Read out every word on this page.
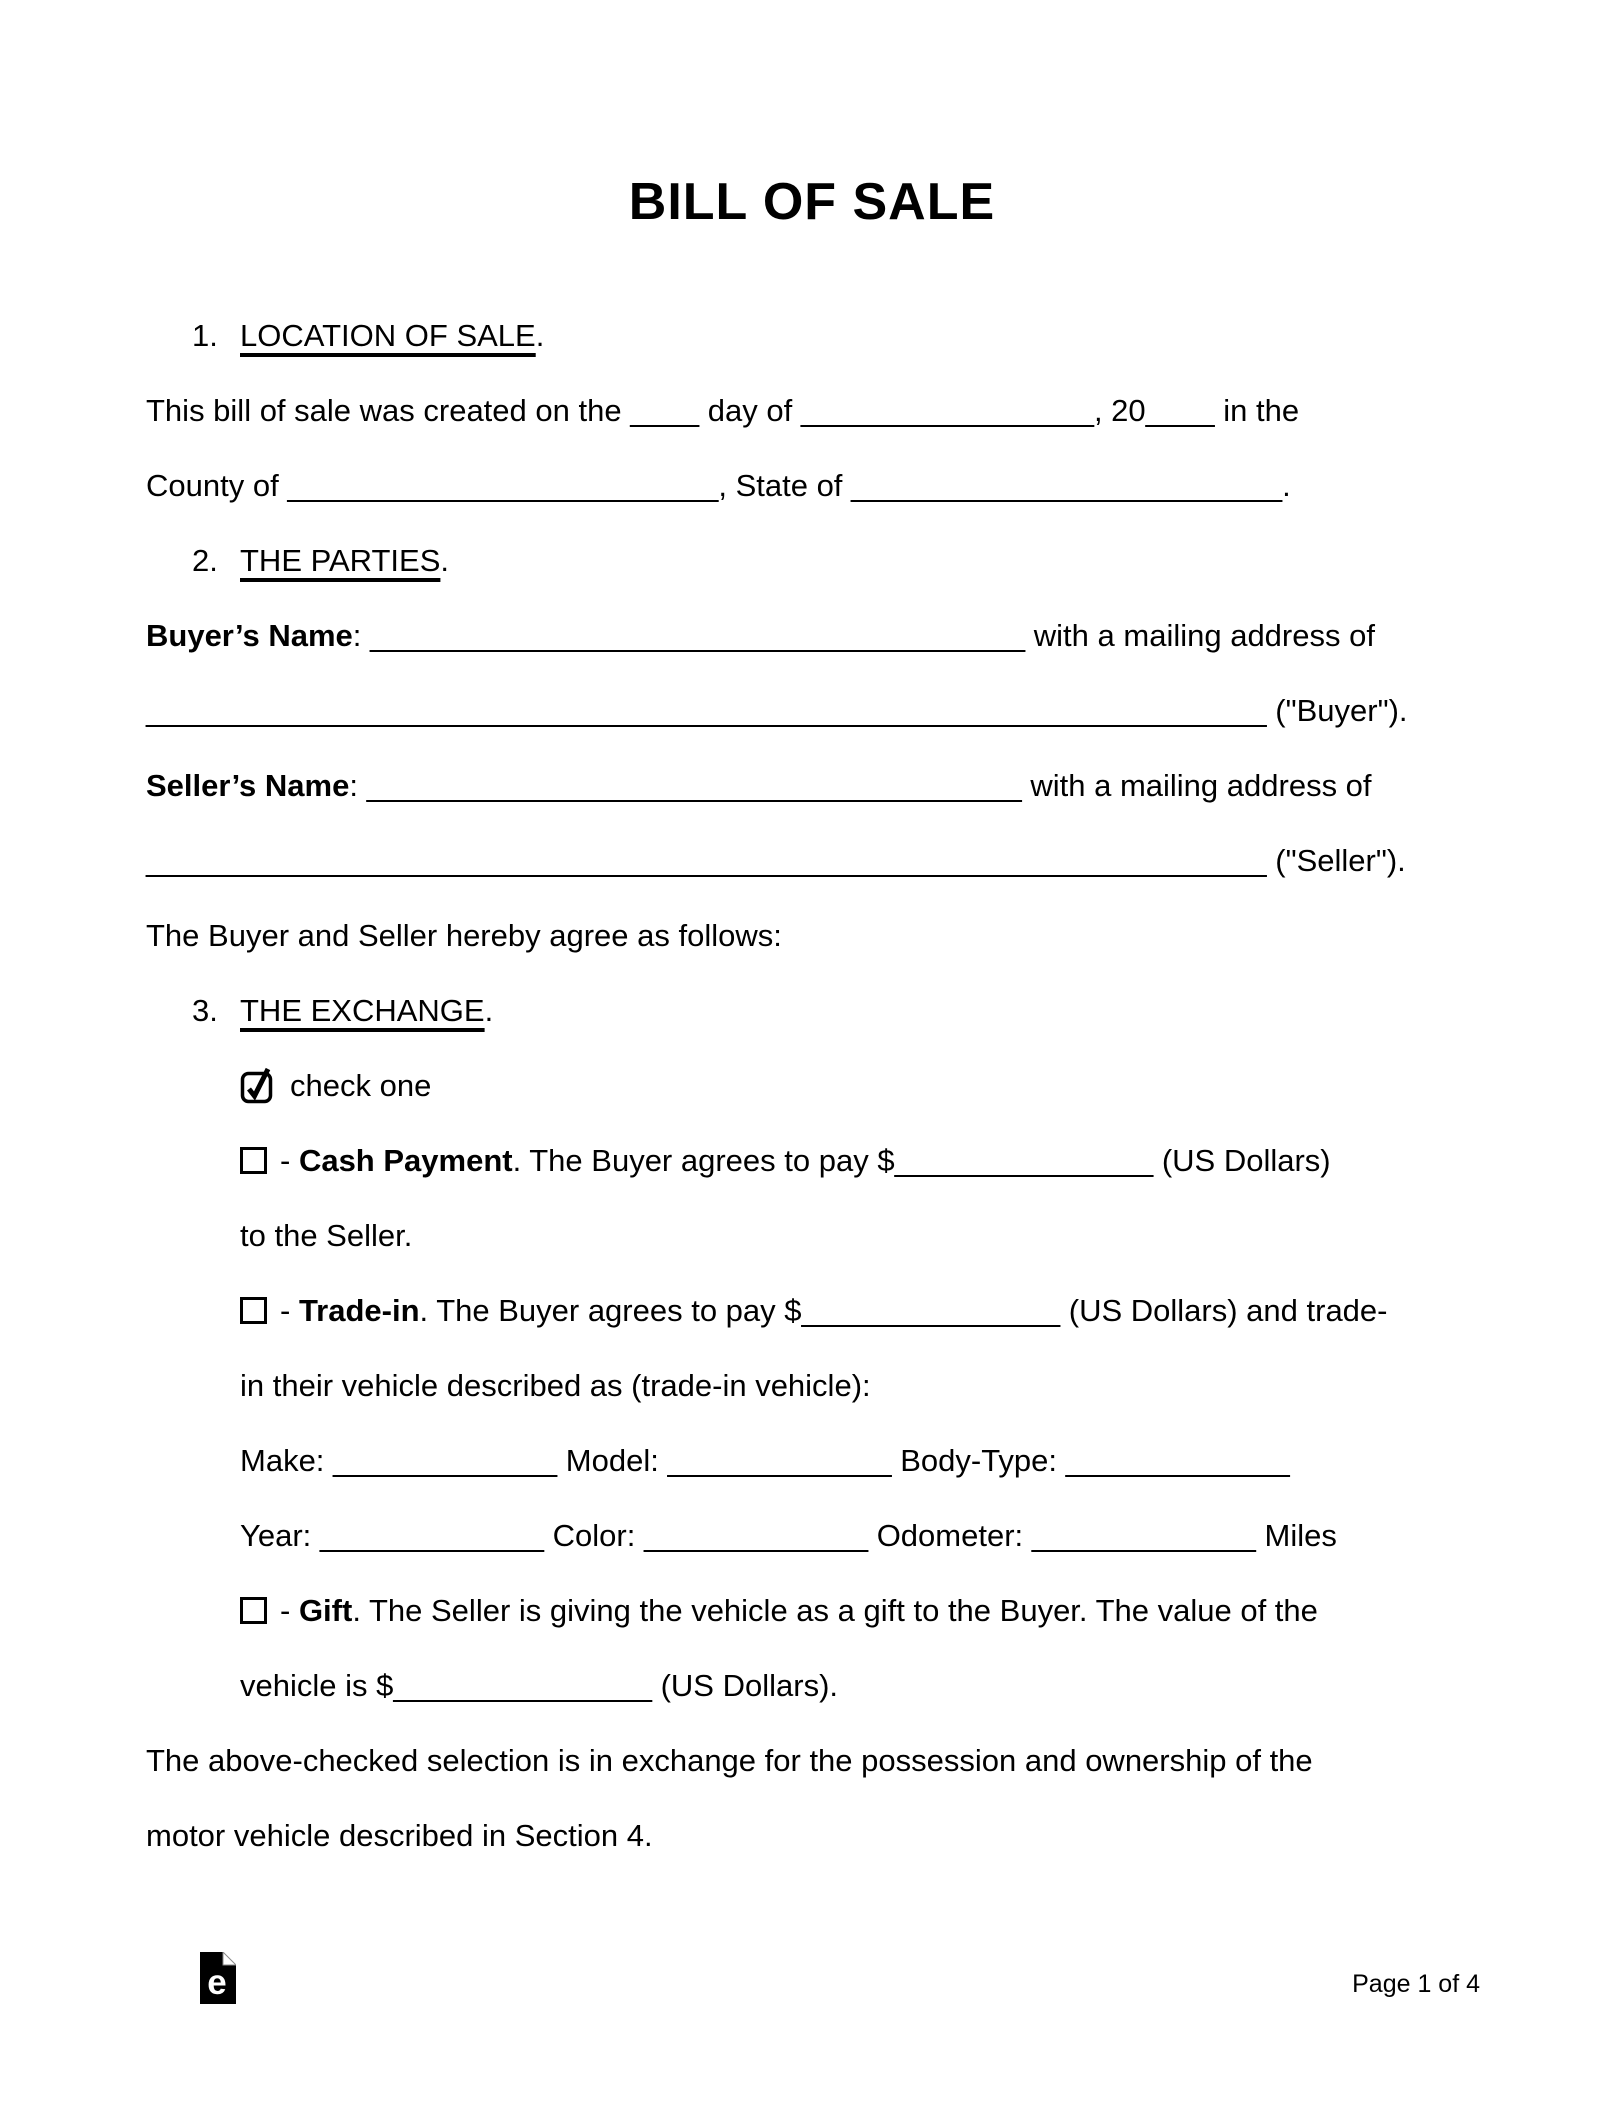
BILL OF SALE
1. LOCATION OF SALE.
This bill of sale was created on the ____ day of _________________, 20____ in the
County of _________________________, State of _________________________.
2. THE PARTIES.
Buyer’s Name: ______________________________________ with a mailing address of
_________________________________________________________________ ("Buyer").
Seller’s Name: ______________________________________ with a mailing address of
_________________________________________________________________ ("Seller").
The Buyer and Seller hereby agree as follows:
3. THE EXCHANGE.
check one
- Cash Payment. The Buyer agrees to pay $_______________ (US Dollars)
to the Seller.
- Trade-in. The Buyer agrees to pay $_______________ (US Dollars) and trade-
in their vehicle described as (trade-in vehicle):
Make: _____________ Model: _____________ Body-Type: _____________
Year: _____________ Color: _____________ Odometer: _____________ Miles
- Gift. The Seller is giving the vehicle as a gift to the Buyer. The value of the
vehicle is $_______________ (US Dollars).
The above-checked selection is in exchange for the possession and ownership of the
motor vehicle described in Section 4.
e	Page 1 of 4
